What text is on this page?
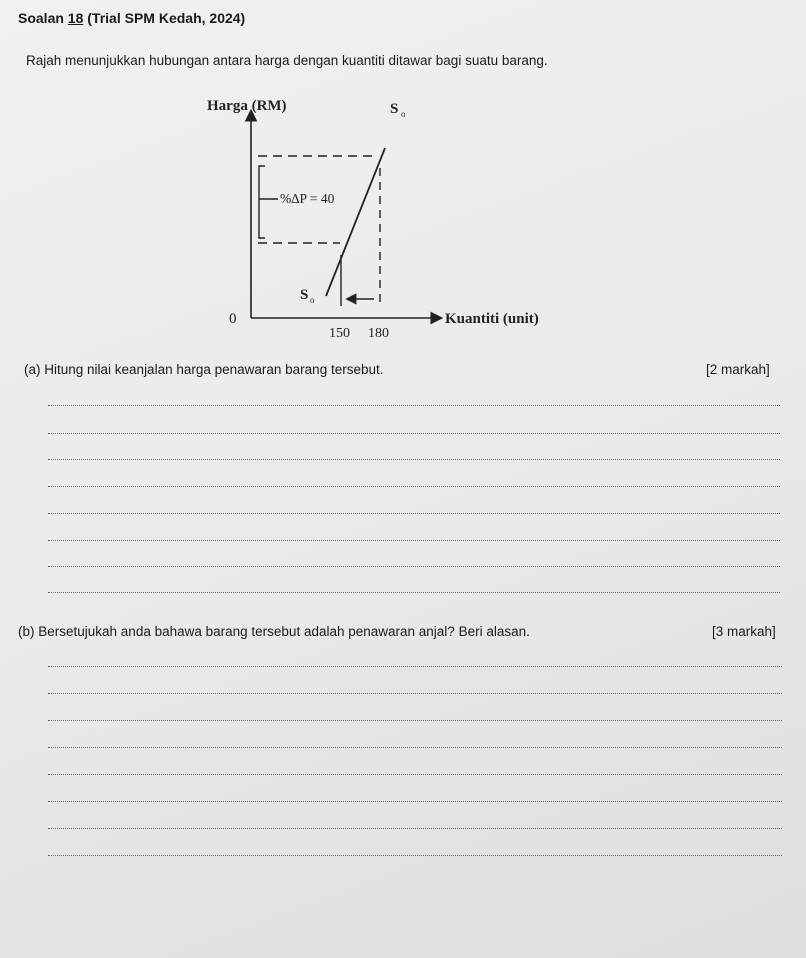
Soalan 18 (Trial SPM Kedah, 2024)
Rajah menunjukkan hubungan antara harga dengan kuantiti ditawar bagi suatu barang.
Harga (RM)	S o
%∆P = 40
S o
0	Kuantiti (unit)
150 180
(a) Hitung nilai keanjalan harga penawaran barang tersebut.	[2 markah]
(b) Bersetujukah anda bahawa barang tersebut adalah penawaran anjal? Beri alasan.	[3 markah]
